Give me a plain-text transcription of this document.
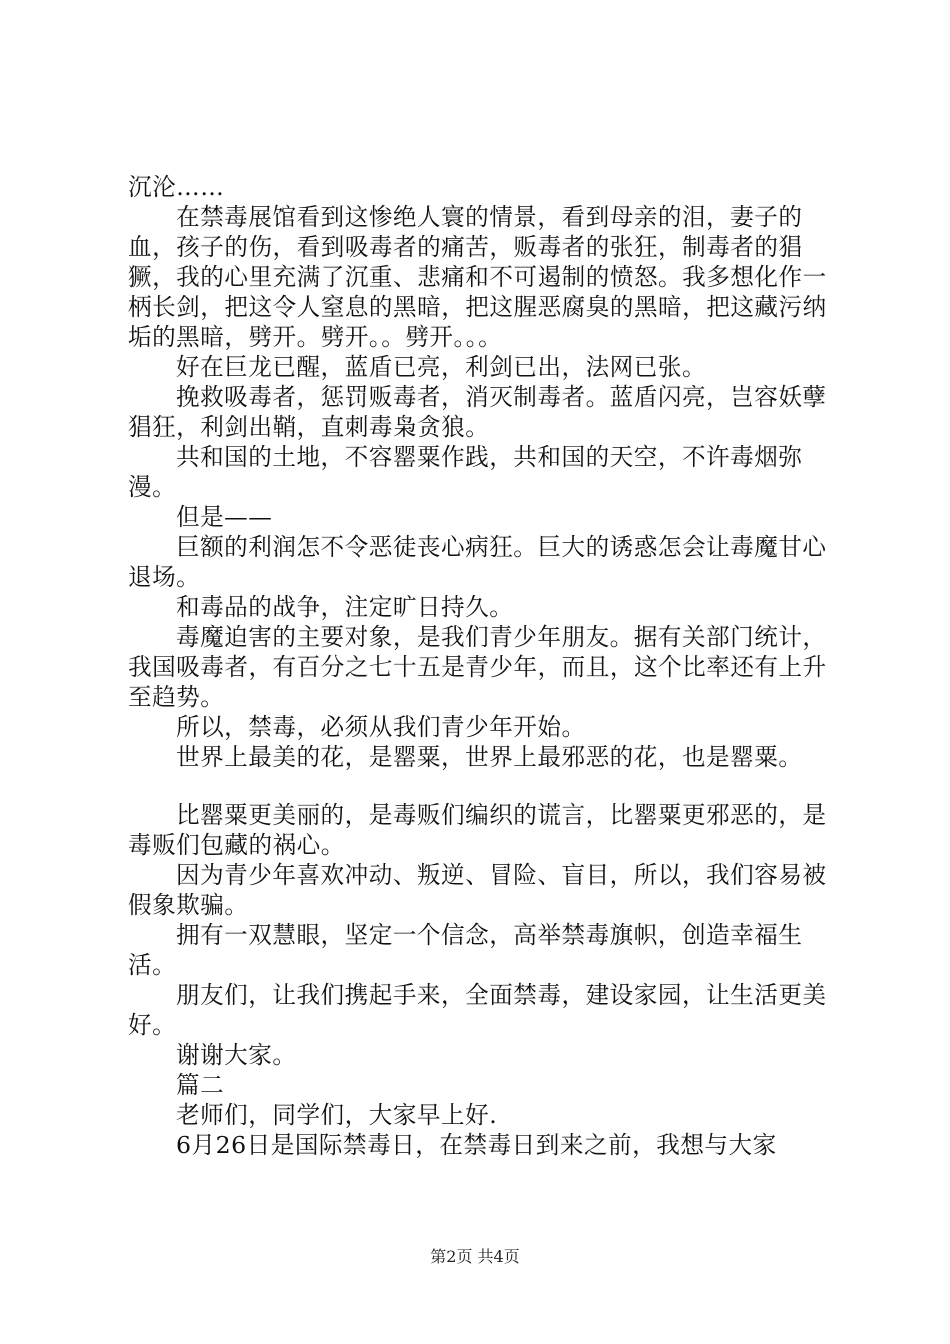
沉沦……

在禁毒展馆看到这惨绝人寰的情景，看到母亲的泪，妻子的血，孩子的伤，看到吸毒者的痛苦，贩毒者的张狂，制毒者的猖獗，我的心里充满了沉重、悲痛和不可遏制的愤怒。我多想化作一柄长剑，把这令人窒息的黑暗，把这腥恶腐臭的黑暗，把这藏污纳垢的黑暗，劈开。劈开。。劈开。。。

好在巨龙已醒，蓝盾已亮，利剑已出，法网已张。

挽救吸毒者，惩罚贩毒者，消灭制毒者。蓝盾闪亮，岂容妖孽猖狂，利剑出鞘，直刺毒枭贪狼。

共和国的土地，不容罂粟作践，共和国的天空，不许毒烟弥漫。

但是——

巨额的利润怎不令恶徒丧心病狂。巨大的诱惑怎会让毒魔甘心退场。

和毒品的战争，注定旷日持久。

毒魔迫害的主要对象，是我们青少年朋友。据有关部门统计，我国吸毒者，有百分之七十五是青少年，而且，这个比率还有上升至趋势。

所以，禁毒，必须从我们青少年开始。

世界上最美的花，是罂粟，世界上最邪恶的花，也是罂粟。

比罂粟更美丽的，是毒贩们编织的谎言，比罂粟更邪恶的，是毒贩们包藏的祸心。

因为青少年喜欢冲动、叛逆、冒险、盲目，所以，我们容易被假象欺骗。

拥有一双慧眼，坚定一个信念，高举禁毒旗帜，创造幸福生活。

朋友们，让我们携起手来，全面禁毒，建设家园，让生活更美好。

谢谢大家。

篇二

老师们，同学们，大家早上好.

6月26日是国际禁毒日，在禁毒日到来之前，我想与大家

第2页 共4页
